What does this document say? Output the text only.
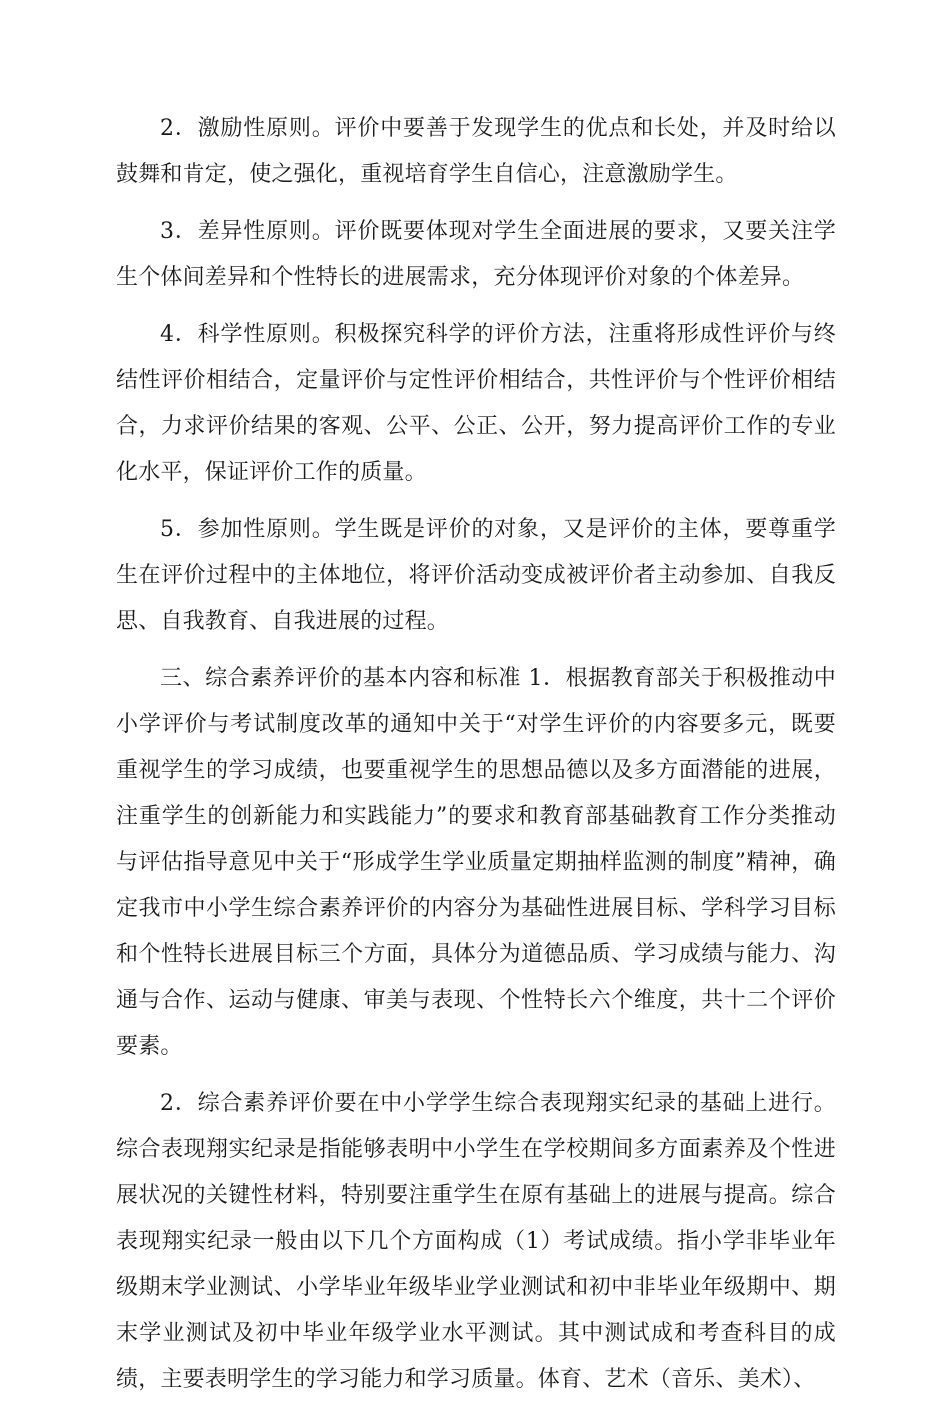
2．激励性原则。评价中要善于发现学生的优点和长处，并及时给以鼓舞和肯定，使之强化，重视培育学生自信心，注意激励学生。

3．差异性原则。评价既要体现对学生全面进展的要求，又要关注学生个体间差异和个性特长的进展需求，充分体现评价对象的个体差异。

4．科学性原则。积极探究科学的评价方法，注重将形成性评价与终结性评价相结合，定量评价与定性评价相结合，共性评价与个性评价相结合，力求评价结果的客观、公平、公正、公开，努力提高评价工作的专业化水平，保证评价工作的质量。

5．参加性原则。学生既是评价的对象，又是评价的主体，要尊重学生在评价过程中的主体地位，将评价活动变成被评价者主动参加、自我反思、自我教育、自我进展的过程。

三、综合素养评价的基本内容和标准 1．根据教育部关于积极推动中小学评价与考试制度改革的通知中关于“对学生评价的内容要多元，既要重视学生的学习成绩，也要重视学生的思想品德以及多方面潜能的进展，注重学生的创新能力和实践能力”的要求和教育部基础教育工作分类推动与评估指导意见中关于“形成学生学业质量定期抽样监测的制度”精神，确定我市中小学生综合素养评价的内容分为基础性进展目标、学科学习目标和个性特长进展目标三个方面，具体分为道德品质、学习成绩与能力、沟通与合作、运动与健康、审美与表现、个性特长六个维度，共十二个评价要素。

2．综合素养评价要在中小学学生综合表现翔实纪录的基础上进行。综合表现翔实纪录是指能够表明中小学生在学校期间多方面素养及个性进展状况的关键性材料，特别要注重学生在原有基础上的进展与提高。综合表现翔实纪录一般由以下几个方面构成（1）考试成绩。指小学非毕业年级期末学业测试、小学毕业年级毕业学业测试和初中非毕业年级期中、期末学业测试及初中毕业年级学业水平测试。其中测试成和考查科目的成绩，主要表明学生的学习能力和学习质量。体育、艺术（音乐、美术）、
